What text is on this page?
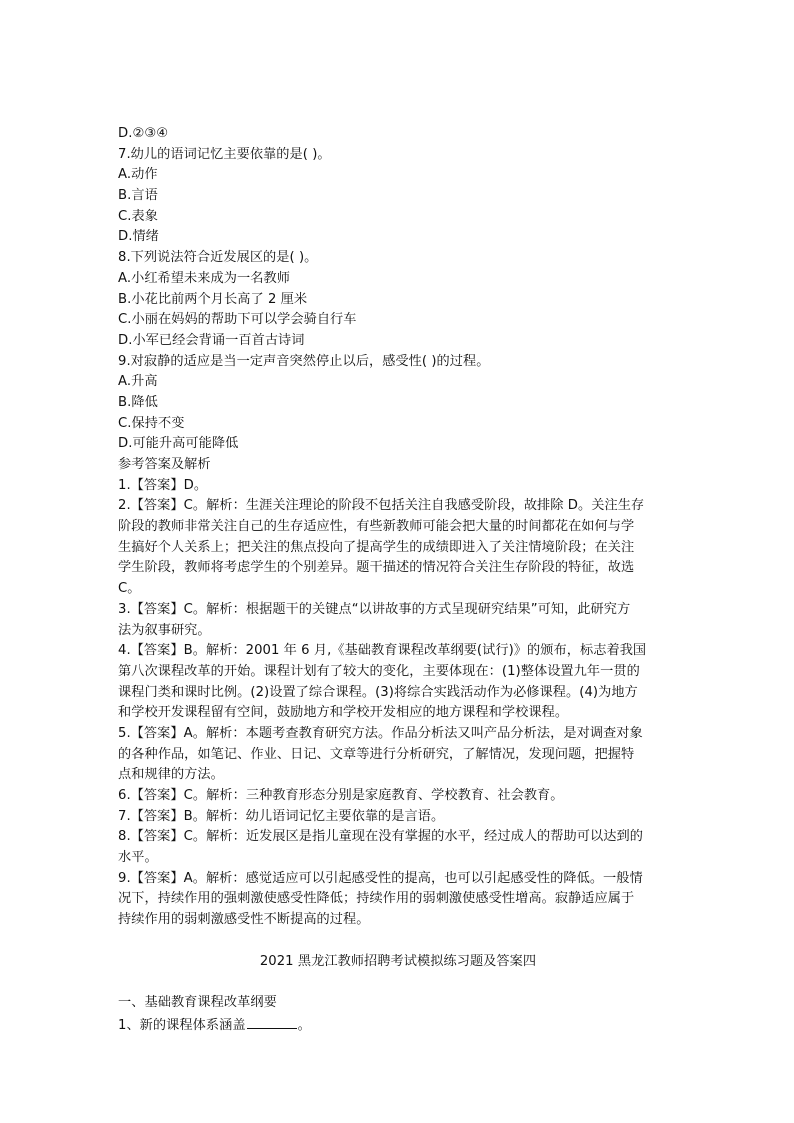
D.②③④
7.幼儿的语词记忆主要依靠的是( )。
A.动作
B.言语
C.表象
D.情绪
8.下列说法符合近发展区的是( )。
A.小红希望未来成为一名教师
B.小花比前两个月长高了 2 厘米
C.小丽在妈妈的帮助下可以学会骑自行车
D.小军已经会背诵一百首古诗词
9.对寂静的适应是当一定声音突然停止以后，感受性( )的过程。
A.升高
B.降低
C.保持不变
D.可能升高可能降低
参考答案及解析
1.【答案】D。
2.【答案】C。解析：生涯关注理论的阶段不包括关注自我感受阶段，故排除 D。关注生存
阶段的教师非常关注自己的生存适应性，有些新教师可能会把大量的时间都花在如何与学
生搞好个人关系上；把关注的焦点投向了提高学生的成绩即进入了关注情境阶段；在关注
学生阶段，教师将考虑学生的个别差异。题干描述的情况符合关注生存阶段的特征，故选
C。
3.【答案】C。解析：根据题干的关键点“以讲故事的方式呈现研究结果”可知，此研究方
法为叙事研究。
4.【答案】B。解析：2001 年 6 月,《基础教育课程改革纲要(试行)》的颁布，标志着我国
第八次课程改革的开始。课程计划有了较大的变化，主要体现在：(1)整体设置九年一贯的
课程门类和课时比例。(2)设置了综合课程。(3)将综合实践活动作为必修课程。(4)为地方
和学校开发课程留有空间，鼓励地方和学校开发相应的地方课程和学校课程。
5.【答案】A。解析：本题考查教育研究方法。作品分析法又叫产品分析法，是对调查对象
的各种作品，如笔记、作业、日记、文章等进行分析研究，了解情况，发现问题，把握特
点和规律的方法。
6.【答案】C。解析：三种教育形态分别是家庭教育、学校教育、社会教育。
7.【答案】B。解析：幼儿语词记忆主要依靠的是言语。
8.【答案】C。解析：近发展区是指儿童现在没有掌握的水平，经过成人的帮助可以达到的
水平。
9.【答案】A。解析：感觉适应可以引起感受性的提高，也可以引起感受性的降低。一般情
况下，持续作用的强刺激使感受性降低；持续作用的弱刺激使感受性增高。寂静适应属于
持续作用的弱刺激感受性不断提高的过程。
2021 黑龙江教师招聘考试模拟练习题及答案四
一、基础教育课程改革纲要
1、新的课程体系涵盖	。
